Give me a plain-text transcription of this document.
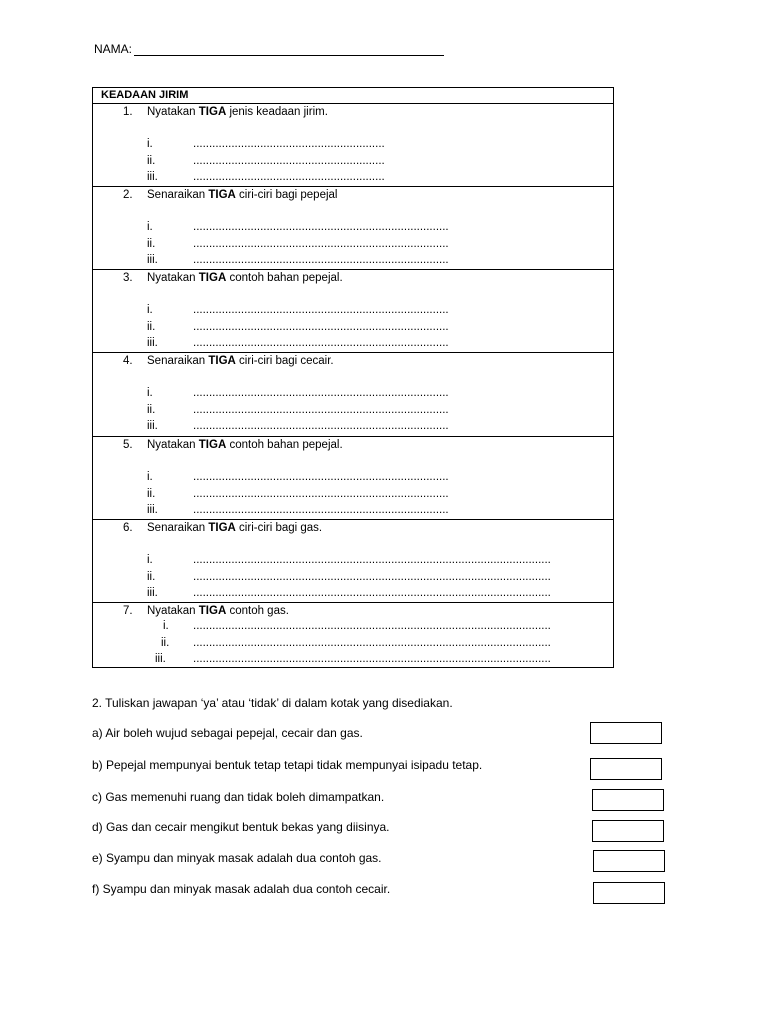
NAMA:
KEADAAN JIRIM
1. Nyatakan TIGA jenis keadaan jirim.
i.	............................................................
ii.	............................................................
iii.	............................................................
2. Senaraikan TIGA ciri-ciri bagi pepejal
i.	................................................................................
ii.	................................................................................
iii.	................................................................................
3. Nyatakan TIGA contoh bahan pepejal.
i.	................................................................................
ii.	................................................................................
iii.	................................................................................
4. Senaraikan TIGA ciri-ciri bagi cecair.
i.	................................................................................
ii.	................................................................................
iii.	................................................................................
5. Nyatakan TIGA contoh bahan pepejal.
i.	................................................................................
ii.	................................................................................
iii.	................................................................................
6. Senaraikan TIGA ciri-ciri bagi gas.
i.	................................................................................................................
ii.	................................................................................................................
iii.	................................................................................................................
7. Nyatakan TIGA contoh gas.
i. ................................................................................................................
ii. ................................................................................................................
iii. ................................................................................................................
2. Tuliskan jawapan ‘ya’ atau ‘tidak’ di dalam kotak yang disediakan.
a) Air boleh wujud sebagai pepejal, cecair dan gas.
b) Pepejal mempunyai bentuk tetap tetapi tidak mempunyai isipadu tetap.
c) Gas memenuhi ruang dan tidak boleh dimampatkan.
d) Gas dan cecair mengikut bentuk bekas yang diisinya.
e) Syampu dan minyak masak adalah dua contoh gas.
f) Syampu dan minyak masak adalah dua contoh cecair.
